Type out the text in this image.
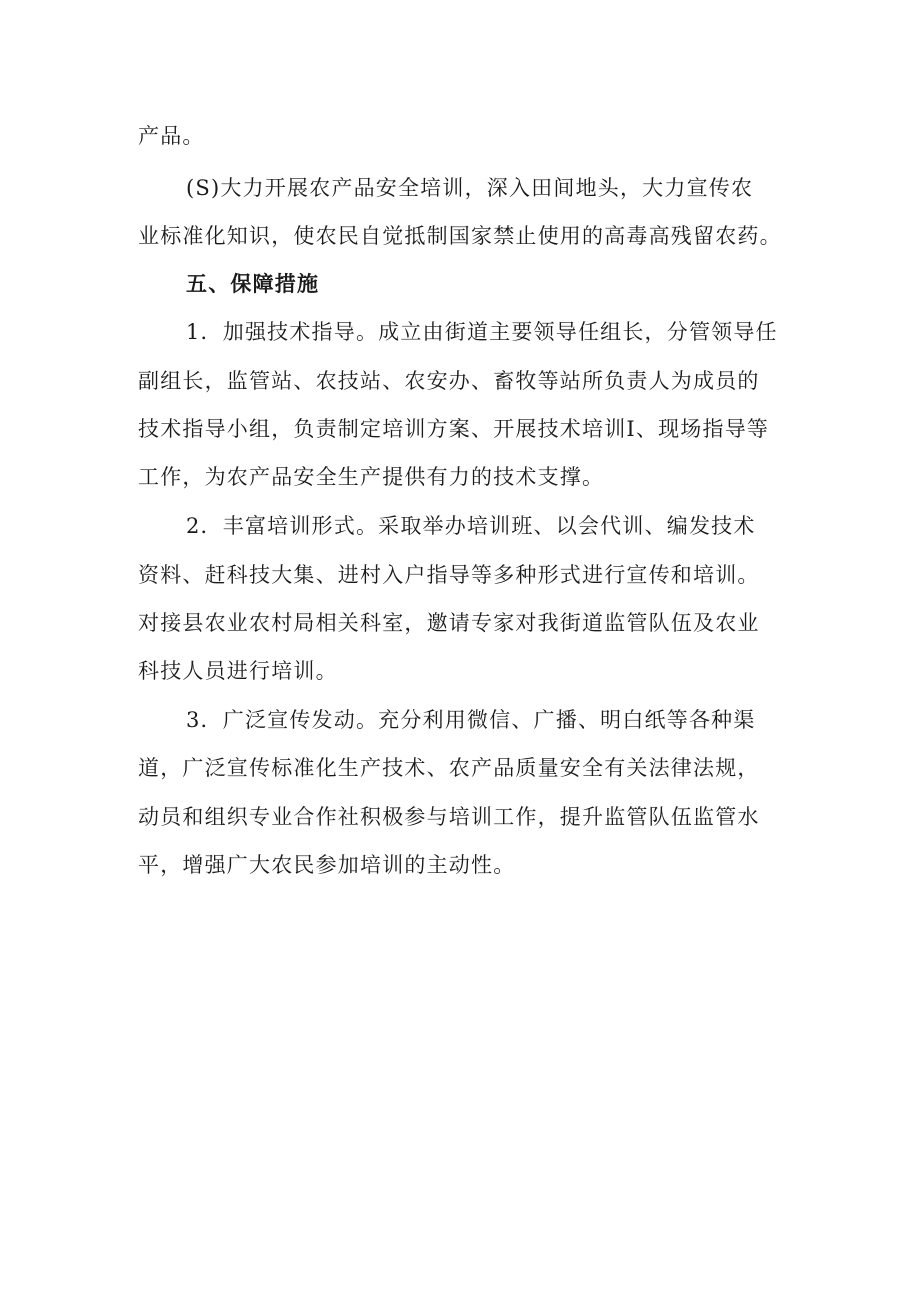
产品。
(S)大力开展农产品安全培训，深入田间地头，大力宣传农
业标准化知识，使农民自觉抵制国家禁止使用的高毒高残留农药。
五、保障措施
1．加强技术指导。成立由街道主要领导任组长，分管领导任
副组长，监管站、农技站、农安办、畜牧等站所负责人为成员的
技术指导小组，负责制定培训方案、开展技术培训I、现场指导等
工作，为农产品安全生产提供有力的技术支撑。
2．丰富培训形式。采取举办培训班、以会代训、编发技术
资料、赶科技大集、进村入户指导等多种形式进行宣传和培训。
对接县农业农村局相关科室，邀请专家对我街道监管队伍及农业
科技人员进行培训。
3．广泛宣传发动。充分利用微信、广播、明白纸等各种渠
道，广泛宣传标准化生产技术、农产品质量安全有关法律法规，
动员和组织专业合作社积极参与培训工作，提升监管队伍监管水
平，增强广大农民参加培训的主动性。
